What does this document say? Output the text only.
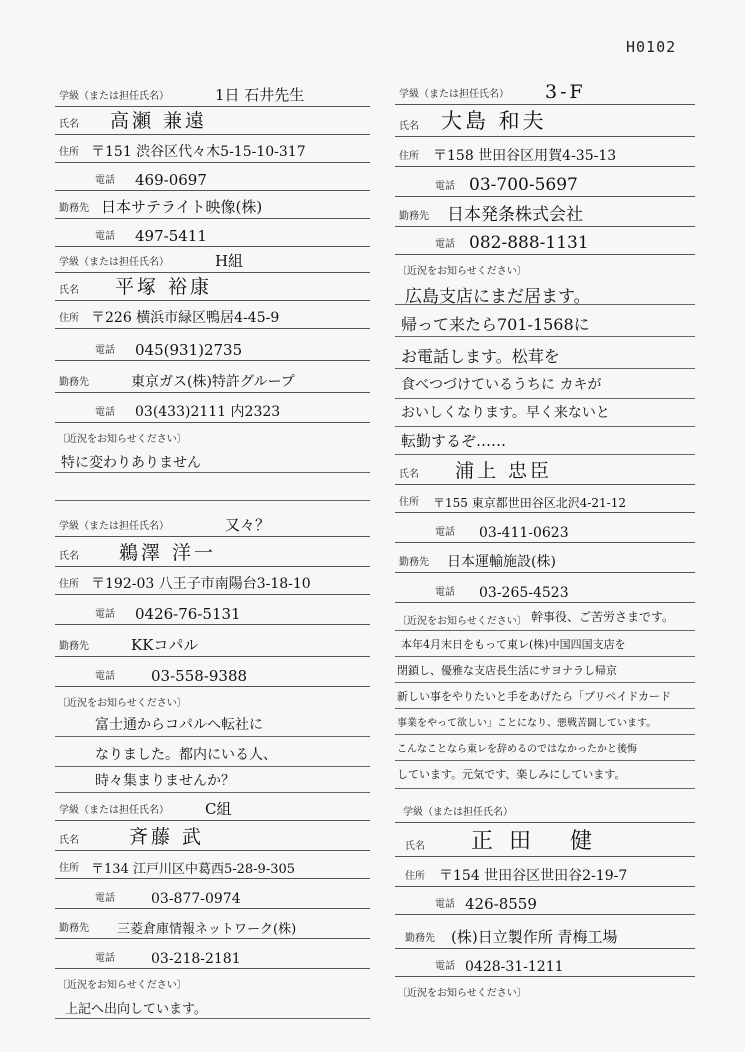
H0102
学級（または担任氏名）	1日 石井先生
氏名 高瀬 兼遠
住所 〒151 渋谷区代々木5-15-10-317
電話 469-0697
勤務先 日本サテライト映像(株)
電話 497-5411
学級（または担任氏名）	H組
氏名 平塚 裕康
住所 〒226 横浜市緑区鴨居4-45-9
電話 045(931)2735
勤務先	東京ガス(株)特許グループ
電話 03(433)2111 内2323
〔近況をお知らせください〕
特に変わりありません
学級（または担任氏名）	又々？
氏名 鵜澤 洋一
住所 〒192-03 八王子市南陽台3-18-10
電話 0426-76-5131
勤務先	KKコパル
電話 03-558-9388
〔近況をお知らせください〕
富士通からコパルへ転社に
なりました。都内にいる人、
時々集まりませんか？
学級（または担任氏名） C組
氏名	斉藤 武
住所 〒134 江戸川区中葛西5-28-9-305
電話	03-877-0974
勤務先 三菱倉庫情報ネットワーク(株)
電話	03-218-2181
〔近況をお知らせください〕
上記へ出向しています。
学級（または担任氏名） 3-F
氏名 大島 和夫
住所 〒158 世田谷区用賀4-35-13
電話 03-700-5697
勤務先 日本発条株式会社
電話 082-888-1131
〔近況をお知らせください〕
広島支店にまだ居ます。
帰って来たら701-1568に
お電話します。松茸を
食べつづけているうちに カキが
おいしくなります。早く来ないと
転勤するぞ……
氏名 浦上 忠臣
住所 〒155 東京都世田谷区北沢4-21-12
電話 03-411-0623
勤務先 日本運輸施設(株)
電話 03-265-4523
〔近況をお知らせください〕 幹事役、ご苦労さまです。
本年4月末日をもって東レ(株)中国四国支店を
閉鎖し、優雅な支店長生活にサヨナラし帰京
新しい事をやりたいと手をあげたら「プリペイドカード
事業をやって欲しい」ことになり、悪戦苦闘しています。
こんなことなら東レを辞めるのではなかったかと後悔
しています。元気です、楽しみにしています。
学級（または担任氏名）
氏名 正田 健
住所 〒154 世田谷区世田谷2-19-7
電話 426-8559
勤務先 (株)日立製作所 青梅工場
電話 0428-31-1211
〔近況をお知らせください〕
